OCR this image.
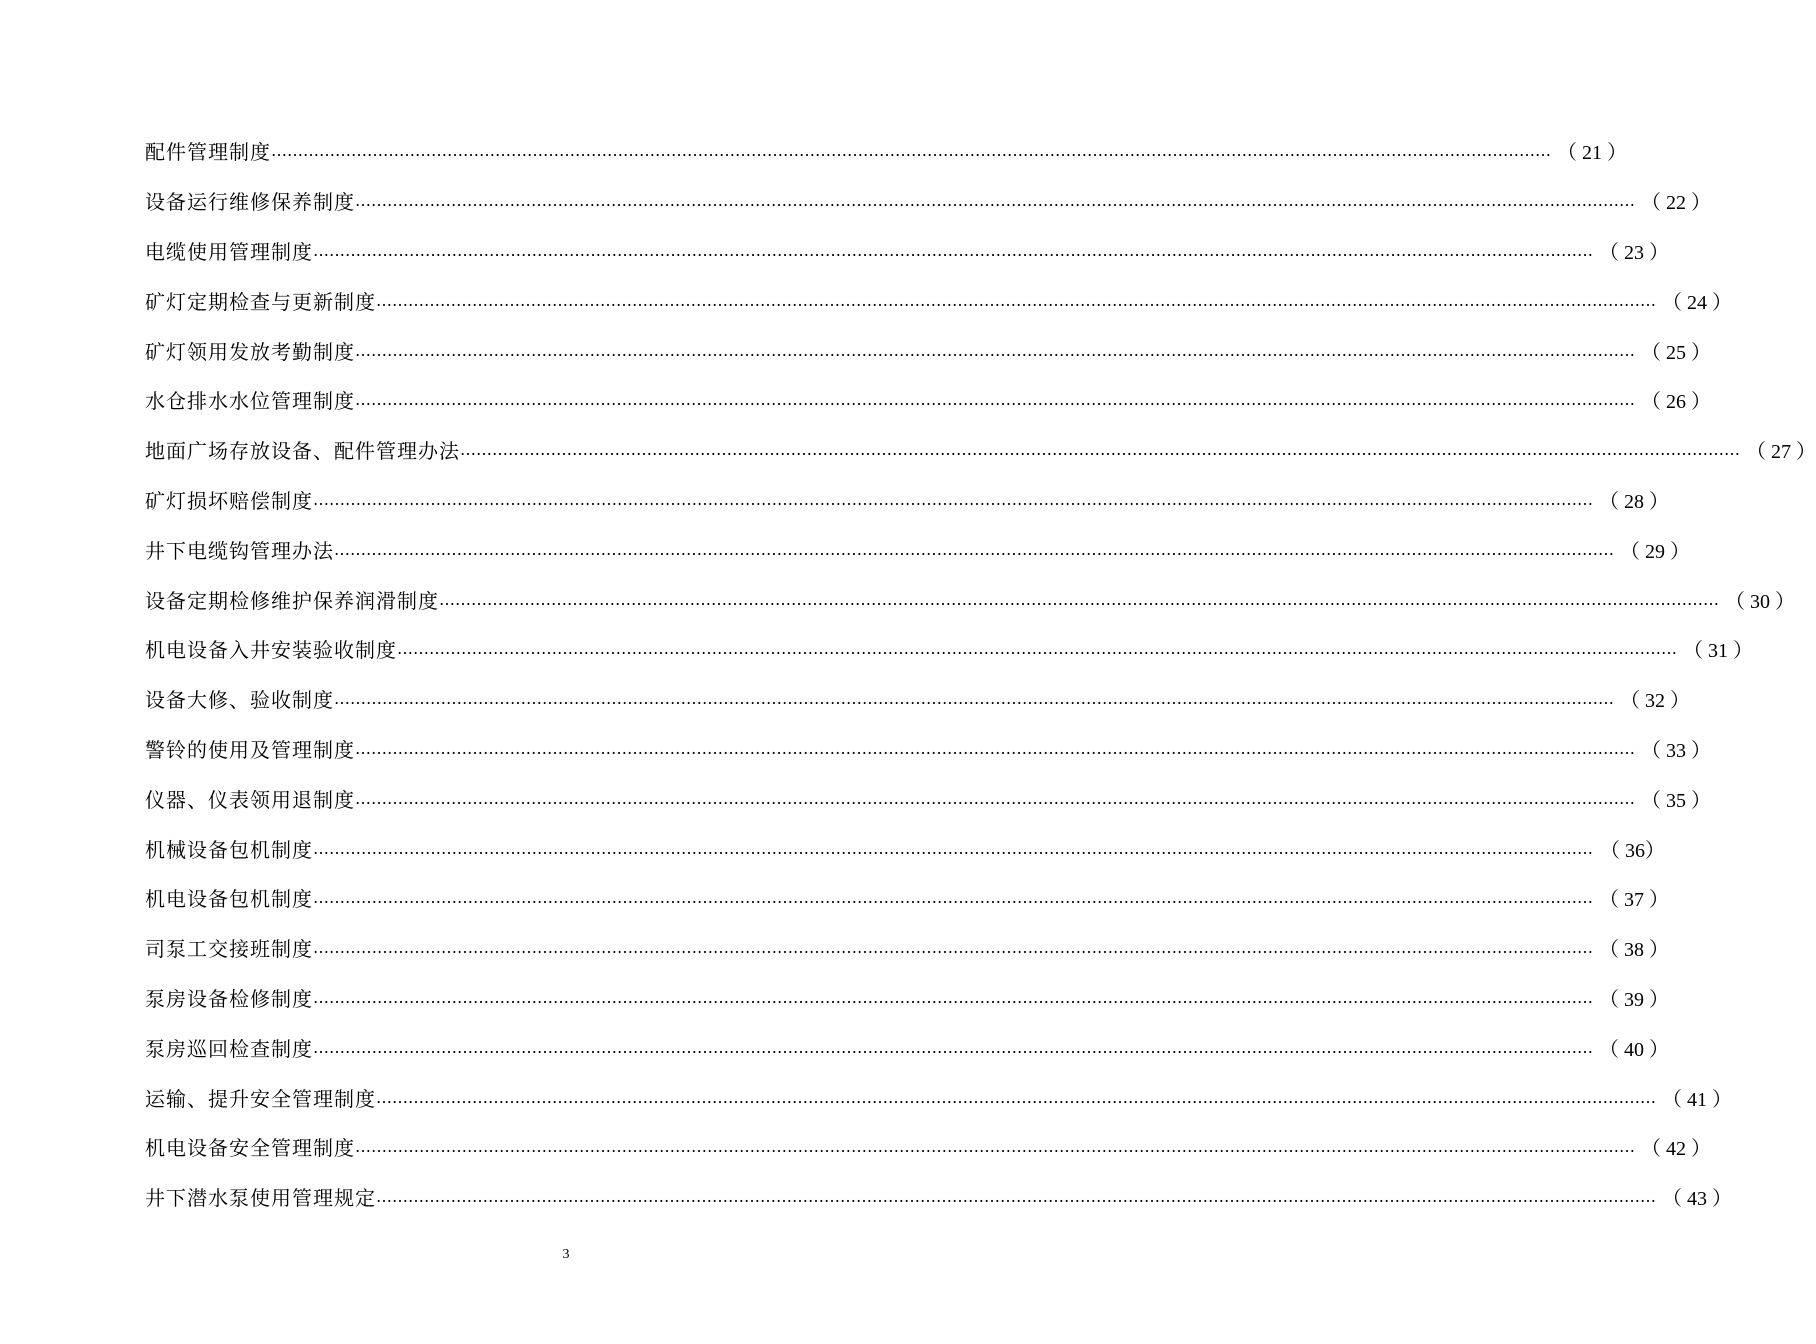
配件管理制度 …………………………………………………………………………………………………………………………………………………………………………………………………………………… （ 21 ）
设备运行维修保养制度 …………………………………………………………………………………………………………………………………………………………………………………………………………………… （ 22 ）
电缆使用管理制度 …………………………………………………………………………………………………………………………………………………………………………………………………………………… （ 23 ）
矿灯定期检查与更新制度 …………………………………………………………………………………………………………………………………………………………………………………………………………………… （ 24 ）
矿灯领用发放考勤制度 …………………………………………………………………………………………………………………………………………………………………………………………………………………… （ 25 ）
水仓排水水位管理制度 …………………………………………………………………………………………………………………………………………………………………………………………………………………… （ 26 ）
地面广场存放设备、配件管理办法 …………………………………………………………………………………………………………………………………………………………………………………………………………………… （ 27 ）
矿灯损坏赔偿制度 …………………………………………………………………………………………………………………………………………………………………………………………………………………… （ 28 ）
井下电缆钩管理办法 …………………………………………………………………………………………………………………………………………………………………………………………………………………… （ 29 ）
设备定期检修维护保养润滑制度 …………………………………………………………………………………………………………………………………………………………………………………………………………………… （ 30 ）
机电设备入井安装验收制度 …………………………………………………………………………………………………………………………………………………………………………………………………………………… （ 31 ）
设备大修、验收制度 …………………………………………………………………………………………………………………………………………………………………………………………………………………… （ 32 ）
警铃的使用及管理制度 …………………………………………………………………………………………………………………………………………………………………………………………………………………… （ 33 ）
仪器、仪表领用退制度 …………………………………………………………………………………………………………………………………………………………………………………………………………………… （ 35 ）
机械设备包机制度 …………………………………………………………………………………………………………………………………………………………………………………………………………………… （ 36）
机电设备包机制度 …………………………………………………………………………………………………………………………………………………………………………………………………………………… （ 37 ）
司泵工交接班制度 …………………………………………………………………………………………………………………………………………………………………………………………………………………… （ 38 ）
泵房设备检修制度 …………………………………………………………………………………………………………………………………………………………………………………………………………………… （ 39 ）
泵房巡回检查制度 …………………………………………………………………………………………………………………………………………………………………………………………………………………… （ 40 ）
运输、提升安全管理制度 …………………………………………………………………………………………………………………………………………………………………………………………………………………… （ 41 ）
机电设备安全管理制度 …………………………………………………………………………………………………………………………………………………………………………………………………………………… （ 42 ）
井下潜水泵使用管理规定 …………………………………………………………………………………………………………………………………………………………………………………………………………………… （ 43 ）
3
